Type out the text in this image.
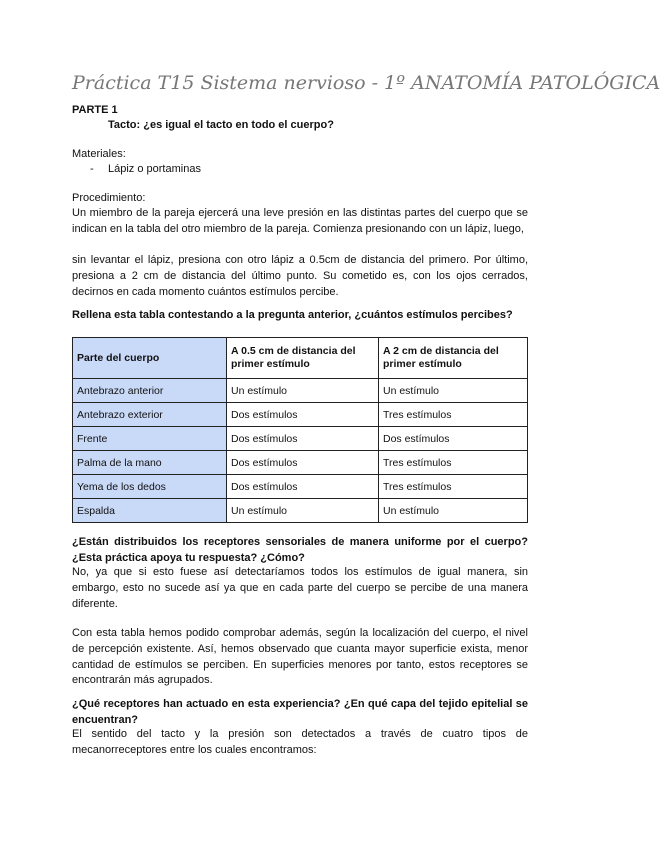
Práctica T15 Sistema nervioso - 1º ANATOMÍA PATOLÓGICA
PARTE 1
Tacto: ¿es igual el tacto en todo el cuerpo?
Materiales:
- Lápiz o portaminas
Procedimiento:
Un miembro de la pareja ejercerá una leve presión en las distintas partes del cuerpo que se indican en la tabla del otro miembro de la pareja. Comienza presionando con un lápiz, luego,
sin levantar el lápiz, presiona con otro lápiz a 0.5cm de distancia del primero. Por último, presiona a 2 cm de distancia del último punto. Su cometido es, con los ojos cerrados, decirnos en cada momento cuántos estímulos percibe.
Rellena esta tabla contestando a la pregunta anterior, ¿cuántos estímulos percibes?
Parte del cuerpo	A 0.5 cm de distancia del primer estímulo	A 2 cm de distancia del primer estímulo
Antebrazo anterior	Un estímulo	Un estímulo
Antebrazo exterior	Dos estímulos	Tres estímulos
Frente	Dos estímulos	Dos estímulos
Palma de la mano	Dos estímulos	Tres estímulos
Yema de los dedos	Dos estímulos	Tres estímulos
Espalda	Un estímulo	Un estímulo
¿Están distribuidos los receptores sensoriales de manera uniforme por el cuerpo? ¿Esta práctica apoya tu respuesta? ¿Cómo?
No, ya que si esto fuese así detectaríamos todos los estímulos de igual manera, sin embargo, esto no sucede así ya que en cada parte del cuerpo se percibe de una manera diferente.
Con esta tabla hemos podido comprobar además, según la localización del cuerpo, el nivel de percepción existente. Así, hemos observado que cuanta mayor superficie exista, menor cantidad de estímulos se perciben. En superficies menores por tanto, estos receptores se encontrarán más agrupados.
¿Qué receptores han actuado en esta experiencia? ¿En qué capa del tejido epitelial se encuentran?
El sentido del tacto y la presión son detectados a través de cuatro tipos de mecanorreceptores entre los cuales encontramos:
